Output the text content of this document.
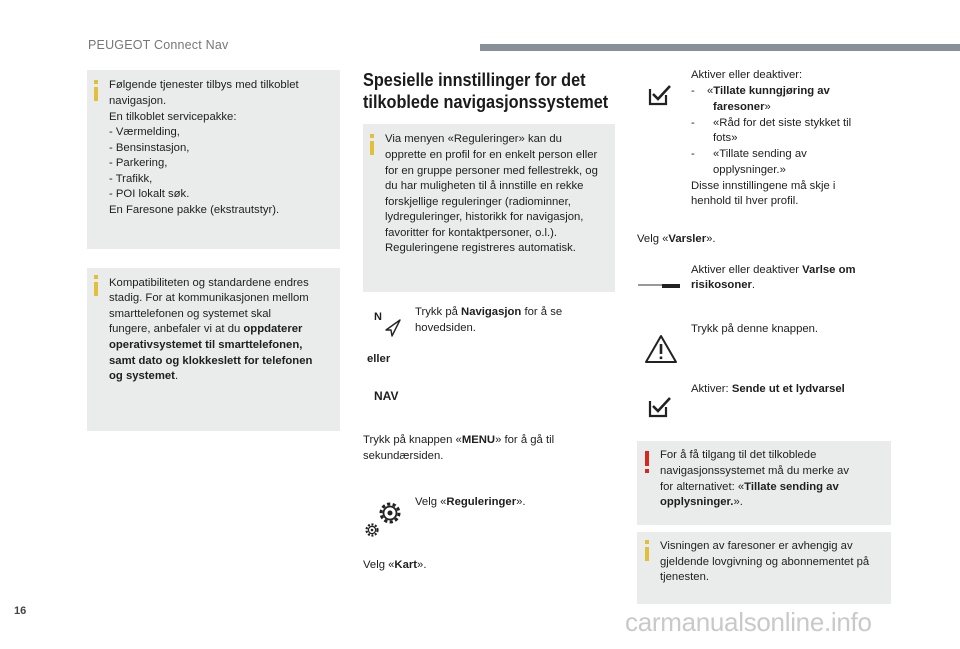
PEUGEOT Connect Nav
Følgende tjenester tilbys med tilkoblet
navigasjon.
En tilkoblet servicepakke:
- Værmelding,
- Bensinstasjon,
- Parkering,
- Trafikk,
- POI lokalt søk.
En Faresone pakke (ekstrautstyr).
Kompatibiliteten og standardene endres
stadig. For at kommunikasjonen mellom
smarttelefonen og systemet skal
fungere, anbefaler vi at du oppdaterer
operativsystemet til smarttelefonen,
samt dato og klokkeslett for telefonen
og systemet.
Spesielle innstillinger for det
tilkoblede navigasjonssystemet
Via menyen «Reguleringer» kan du
opprette en profil for en enkelt person eller
for en gruppe personer med fellestrekk, og
du har muligheten til å innstille en rekke
forskjellige reguleringer (radiominner,
lydreguleringer, historikk for navigasjon,
favoritter for kontaktpersoner, o.l.).
Reguleringene registreres automatisk.
N	Trykk på Navigasjon for å se
hovedsiden.
eller
NAV
Trykk på knappen «MENU» for å gå til
sekundærsiden.
Velg «Reguleringer».
Velg «Kart».
Aktiver eller deaktiver:
- «Tillate kunngjøring av
faresoner»
- «Råd for det siste stykket til
fots»
- «Tillate sending av
opplysninger.»
Disse innstillingene må skje i
henhold til hver profil.
Velg «Varsler».
Aktiver eller deaktiver Varlse om
risikosoner.
Trykk på denne knappen.
Aktiver: Sende ut et lydvarsel
For å få tilgang til det tilkoblede
navigasjonssystemet må du merke av
for alternativet: «Tillate sending av
opplysninger.».
Visningen av faresoner er avhengig av
gjeldende lovgivning og abonnementet på
tjenesten.
16	carmanualsonline.info
